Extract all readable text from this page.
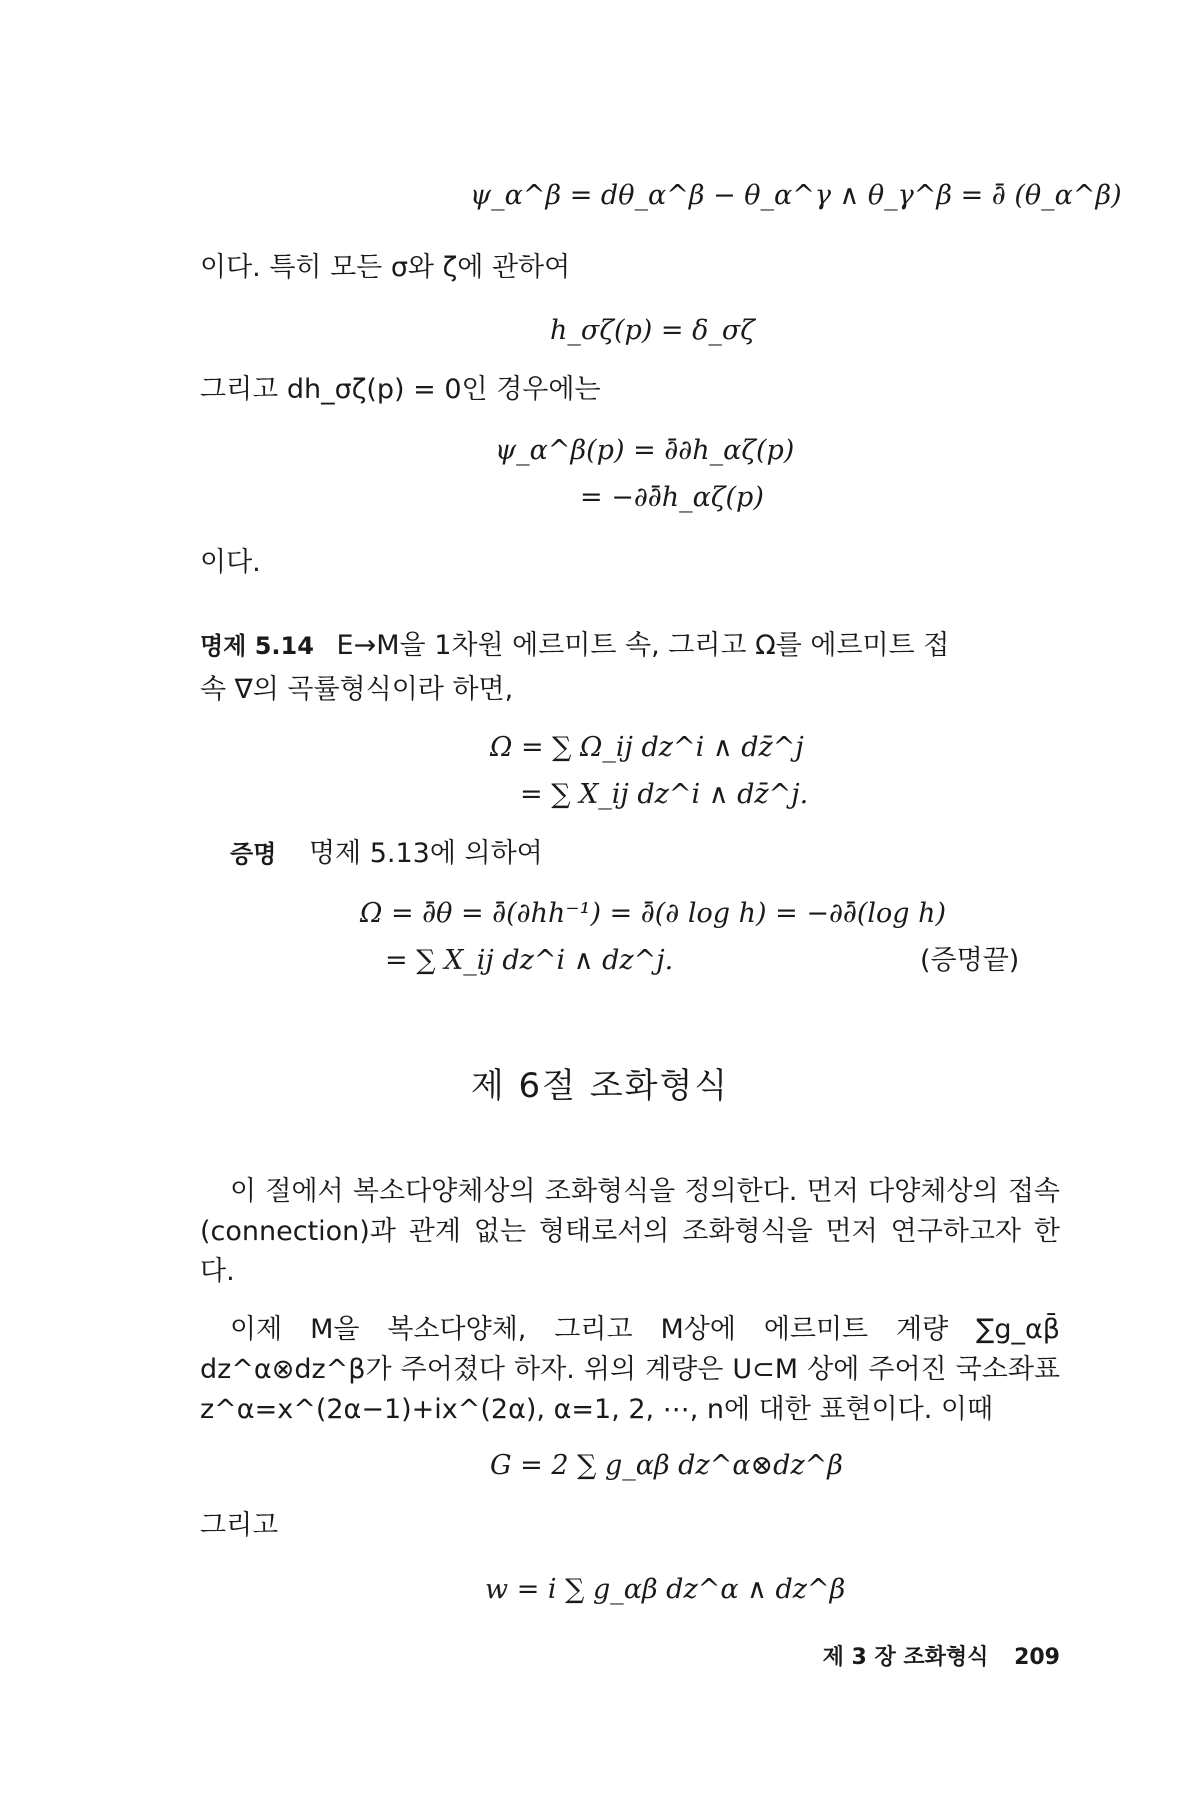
ψ_α^β = dθ_α^β − θ_α^γ ∧ θ_γ^β = ∂̄ (θ_α^β)
이다. 특히 모든 σ와 ζ에 관하여
h_σζ(p) = δ_σζ
그리고 dh_σζ(p) = 0인 경우에는
ψ_α^β(p) = ∂̄∂h_αζ(p)
= −∂∂̄h_αζ(p)
이다.
명제 5.14 E→M을 1차원 에르미트 속, 그리고 Ω를 에르미트 접
속 ∇의 곡률형식이라 하면,
Ω = ∑ Ω_ij dz^i ∧ dz̄^j
= ∑ X_ij dz^i ∧ dz̄^j.
증명 명제 5.13에 의하여
Ω = ∂̄θ = ∂̄(∂hh⁻¹) = ∂̄(∂ log h) = −∂∂̄(log h)
= ∑ X_ij dz^i ∧ dz^j.	(증명끝)
제 6절 조화형식
이 절에서 복소다양체상의 조화형식을 정의한다. 먼저 다양체상의 접속(connection)과 관계 없는 형태로서의 조화형식을 먼저 연구하고자 한다.
이제 M을 복소다양체, 그리고 M상에 에르미트 계량 ∑g_αβ̄ dz^α⊗dz^β가 주어졌다 하자. 위의 계량은 U⊂M 상에 주어진 국소좌표 z^α=x^(2α−1)+ix^(2α), α=1, 2, ⋯, n에 대한 표현이다. 이때
G = 2 ∑ g_αβ dz^α⊗dz^β
그리고
w = i ∑ g_αβ dz^α ∧ dz^β
제 3 장 조화형식 209
